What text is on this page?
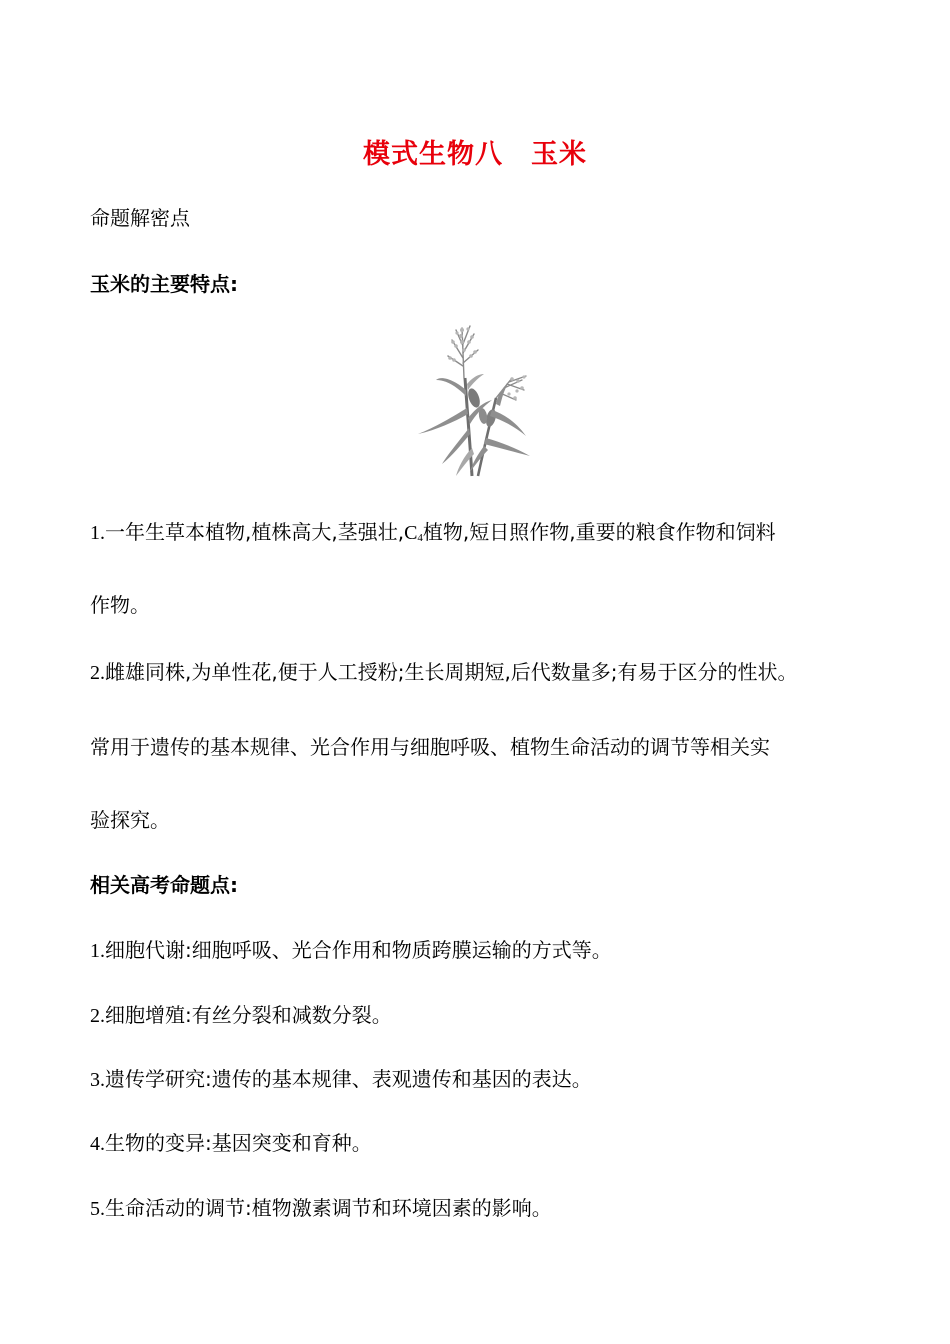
模式生物八　玉米
命题解密点
玉米的主要特点:
1.一年生草本植物,植株高大,茎强壮$,C_4$植物,短日照作物,重要的粮食作物和饲料
作物。
2.雌雄同株,为单性花,便于人工授粉;生长周期短,后代数量多;有易于区分的性状。
常用于遗传的基本规律、光合作用与细胞呼吸、植物生命活动的调节等相关实
验探究。
相关高考命题点:
1.细胞代谢:细胞呼吸、光合作用和物质跨膜运输的方式等。
2.细胞增殖:有丝分裂和减数分裂。
3.遗传学研究:遗传的基本规律、表观遗传和基因的表达。
4.生物的变异:基因突变和育种。
5.生命活动的调节:植物激素调节和环境因素的影响。
